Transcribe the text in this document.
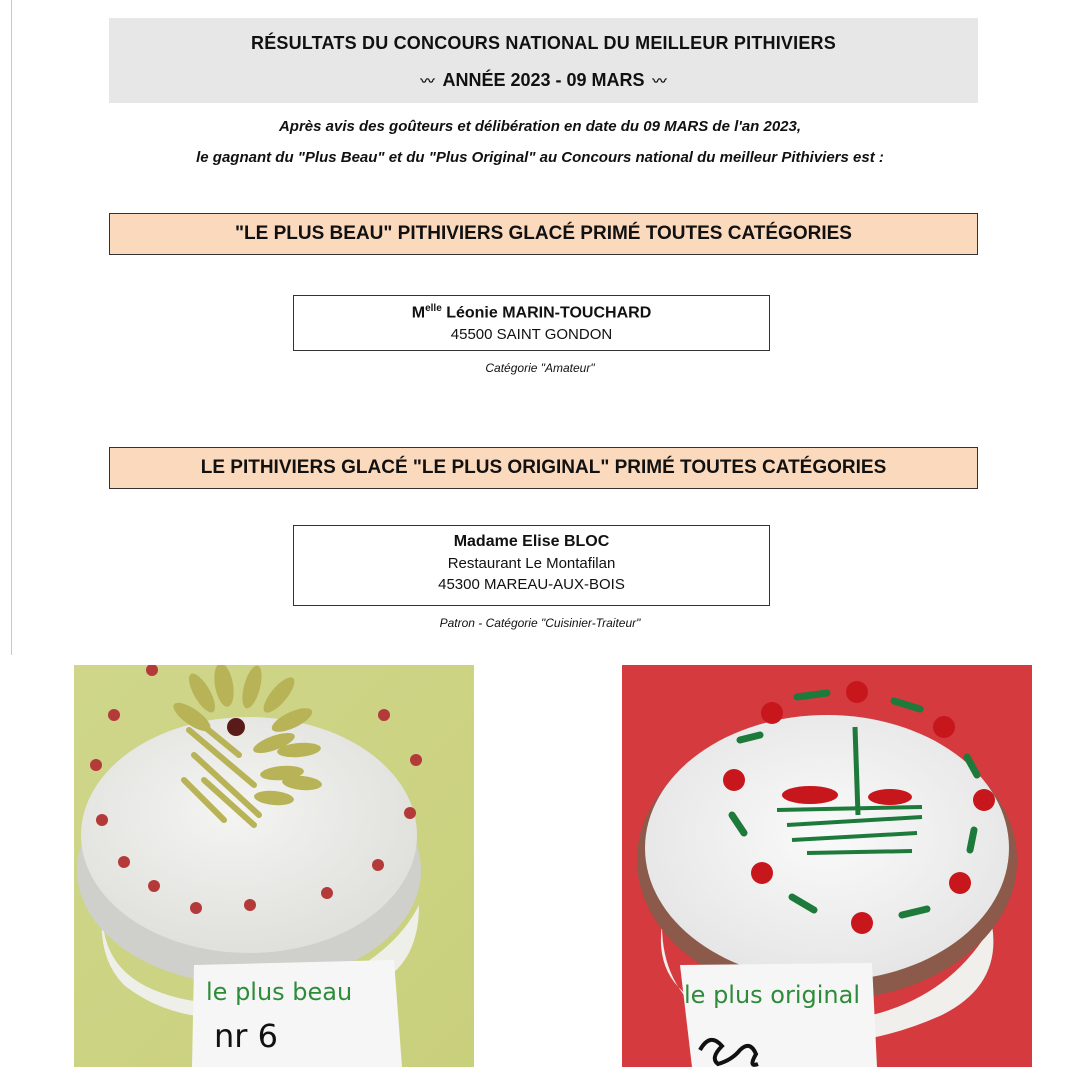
RÉSULTATS DU CONCOURS NATIONAL DU MEILLEUR PITHIVIERS
〰 ANNÉE 2023 - 09 MARS 〰
Après avis des goûteurs et délibération en date du 09 MARS de l'an 2023,
le gagnant du "Plus Beau" et du "Plus Original" au Concours national du meilleur Pithiviers est :
"LE PLUS BEAU" PITHIVIERS GLACÉ PRIMÉ TOUTES CATÉGORIES
$M^{elle}$ Léonie MARIN-TOUCHARD
45500 SAINT GONDON
Catégorie "Amateur"
LE PITHIVIERS GLACÉ "LE PLUS ORIGINAL" PRIMÉ TOUTES CATÉGORIES
Madame Elise BLOC
Restaurant Le Montafilan
45300 MAREAU-AUX-BOIS
Patron - Catégorie "Cuisinier-Traiteur"
le plus beau
nr 6
le plus original
